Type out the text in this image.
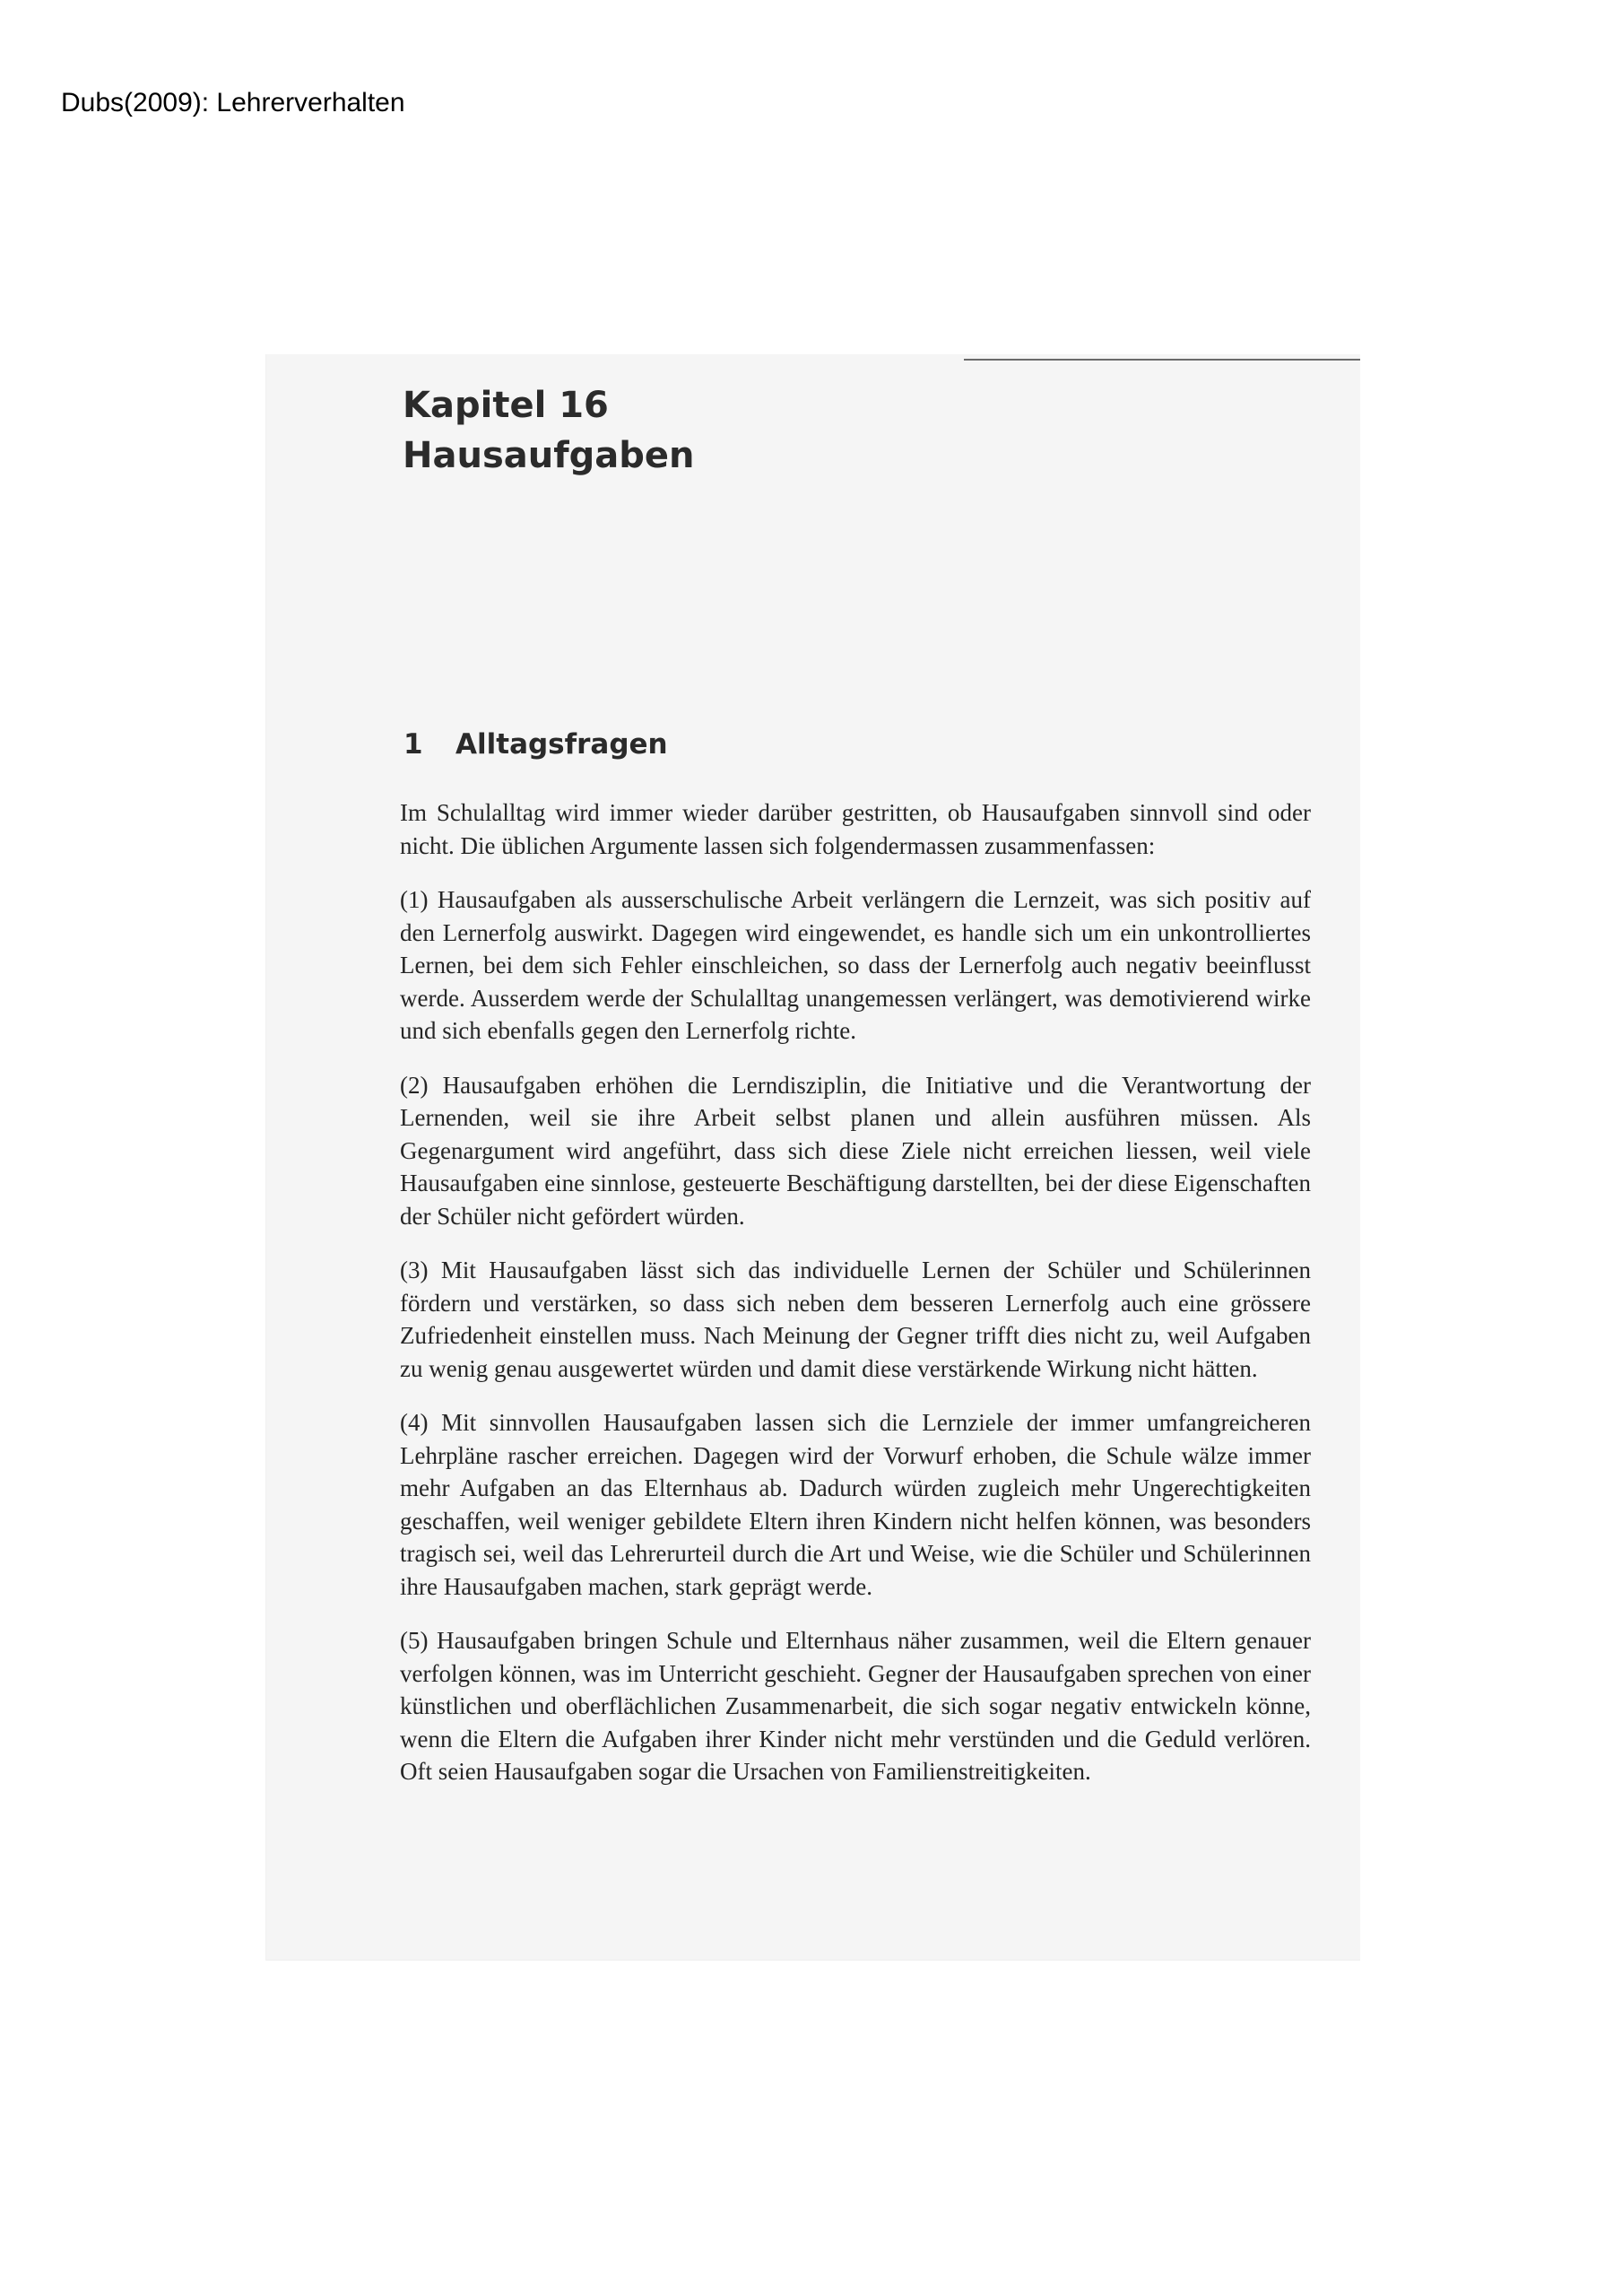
Dubs(2009): Lehrerverhalten
Kapitel 16
Hausaufgaben
1 Alltagsfragen

Im Schulalltag wird immer wieder darüber gestritten, ob Hausaufgaben sinnvoll sind oder nicht. Die üblichen Argumente lassen sich folgendermassen zusammenfassen:

(1) Hausaufgaben als ausserschulische Arbeit verlängern die Lernzeit, was sich positiv auf den Lernerfolg auswirkt. Dagegen wird eingewendet, es handle sich um ein unkontrolliertes Lernen, bei dem sich Fehler einschleichen, so dass der Lernerfolg auch negativ beeinflusst werde. Ausserdem werde der Schulalltag unangemessen verlängert, was demotivierend wirke und sich ebenfalls gegen den Lernerfolg richte.

(2) Hausaufgaben erhöhen die Lerndisziplin, die Initiative und die Verantwortung der Lernenden, weil sie ihre Arbeit selbst planen und allein ausführen müssen. Als Gegenargument wird angeführt, dass sich diese Ziele nicht erreichen liessen, weil viele Hausaufgaben eine sinnlose, gesteuerte Beschäftigung darstellten, bei der diese Eigenschaften der Schüler nicht gefördert würden.

(3) Mit Hausaufgaben lässt sich das individuelle Lernen der Schüler und Schülerinnen fördern und verstärken, so dass sich neben dem besseren Lernerfolg auch eine grössere Zufriedenheit einstellen muss. Nach Meinung der Gegner trifft dies nicht zu, weil Aufgaben zu wenig genau ausgewertet würden und damit diese verstärkende Wirkung nicht hätten.

(4) Mit sinnvollen Hausaufgaben lassen sich die Lernziele der immer umfangreicheren Lehrpläne rascher erreichen. Dagegen wird der Vorwurf erhoben, die Schule wälze immer mehr Aufgaben an das Elternhaus ab. Dadurch würden zugleich mehr Ungerechtigkeiten geschaffen, weil weniger gebildete Eltern ihren Kindern nicht helfen können, was besonders tragisch sei, weil das Lehrerurteil durch die Art und Weise, wie die Schüler und Schülerinnen ihre Hausaufgaben machen, stark geprägt werde.

(5) Hausaufgaben bringen Schule und Elternhaus näher zusammen, weil die Eltern genauer verfolgen können, was im Unterricht geschieht. Gegner der Hausaufgaben sprechen von einer künstlichen und oberflächlichen Zusammenarbeit, die sich sogar negativ entwickeln könne, wenn die Eltern die Aufgaben ihrer Kinder nicht mehr verstünden und die Geduld verlören. Oft seien Hausaufgaben sogar die Ursachen von Familienstreitigkeiten.
